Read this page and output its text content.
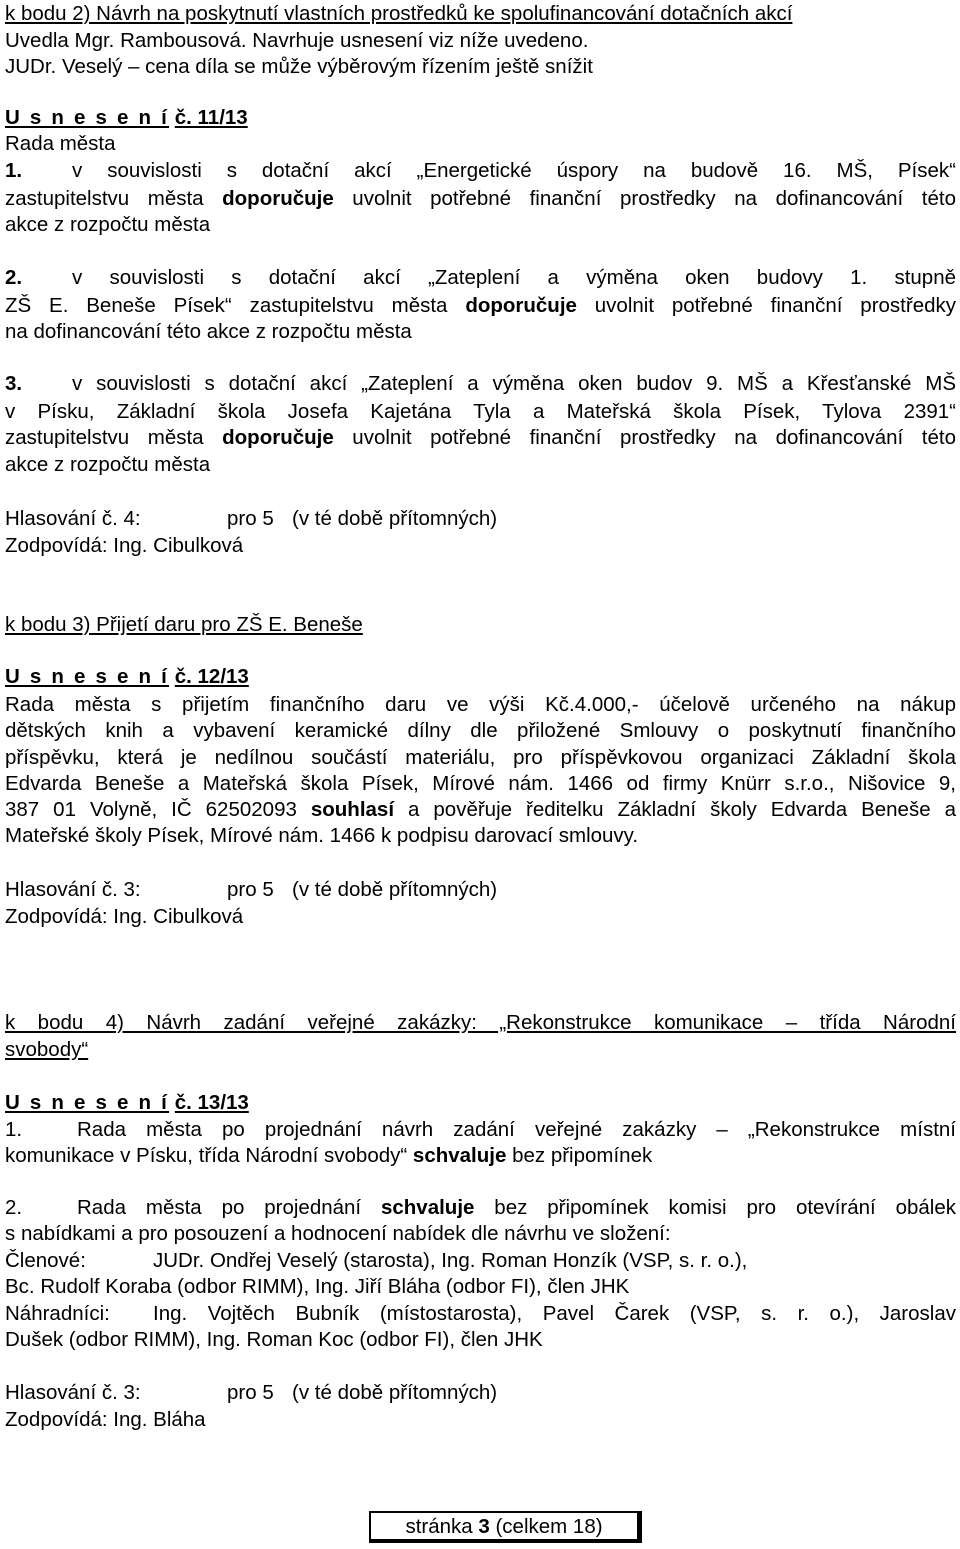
k bodu 2) Návrh na poskytnutí vlastních prostředků ke spolufinancování dotačních akcí
Uvedla Mgr. Rambousová. Navrhuje usnesení viz níže uvedeno.
JUDr. Veselý – cena díla se může výběrovým řízením ještě snížit
U s n e s e n í č. 11/13
Rada města
1. v souvislosti s dotační akcí „Energetické úspory na budově 16. MŠ, Písek“
zastupitelstvu města doporučuje uvolnit potřebné finanční prostředky na dofinancování této
akce z rozpočtu města
2. v souvislosti s dotační akcí „Zateplení a výměna oken budovy 1. stupně
ZŠ E. Beneše Písek“ zastupitelstvu města doporučuje uvolnit potřebné finanční prostředky
na dofinancování této akce z rozpočtu města
3. v souvislosti s dotační akcí „Zateplení a výměna oken budov 9. MŠ a Křesťanské MŠ
v Písku, Základní škola Josefa Kajetána Tyla a Mateřská škola Písek, Tylova 2391“
zastupitelstvu města doporučuje uvolnit potřebné finanční prostředky na dofinancování této
akce z rozpočtu města
Hlasování č. 4:	pro 5 (v té době přítomných)
Zodpovídá: Ing. Cibulková
k bodu 3) Přijetí daru pro ZŠ E. Beneše
U s n e s e n í č. 12/13
Rada města s přijetím finančního daru ve výši Kč.4.000,- účelově určeného na nákup
dětských knih a vybavení keramické dílny dle přiložené Smlouvy o poskytnutí finančního
příspěvku, která je nedílnou součástí materiálu, pro příspěvkovou organizaci Základní škola
Edvarda Beneše a Mateřská škola Písek, Mírové nám. 1466 od firmy Knürr s.r.o., Nišovice 9,
387 01 Volyně, IČ 62502093 souhlasí a pověřuje ředitelku Základní školy Edvarda Beneše a
Mateřské školy Písek, Mírové nám. 1466 k podpisu darovací smlouvy.
Hlasování č. 3:	pro 5 (v té době přítomných)
Zodpovídá: Ing. Cibulková
k bodu 4) Návrh zadání veřejné zakázky: „Rekonstrukce komunikace – třída Národní
svobody“
U s n e s e n í č. 13/13
1.	Rada města po projednání návrh zadání veřejné zakázky – „Rekonstrukce místní
komunikace v Písku, třída Národní svobody“ schvaluje bez připomínek
2.	Rada města po projednání schvaluje bez připomínek komisi pro otevírání obálek
s nabídkami a pro posouzení a hodnocení nabídek dle návrhu ve složení:
Členové:	JUDr. Ondřej Veselý (starosta), Ing. Roman Honzík (VSP, s. r. o.),
Bc. Rudolf Koraba (odbor RIMM), Ing. Jiří Bláha (odbor FI), člen JHK
Náhradníci: Ing. Vojtěch Bubník (místostarosta), Pavel Čarek (VSP, s. r. o.), Jaroslav
Dušek (odbor RIMM), Ing. Roman Koc (odbor FI), člen JHK
Hlasování č. 3:	pro 5 (v té době přítomných)
Zodpovídá: Ing. Bláha
stránka 3 (celkem 18)
